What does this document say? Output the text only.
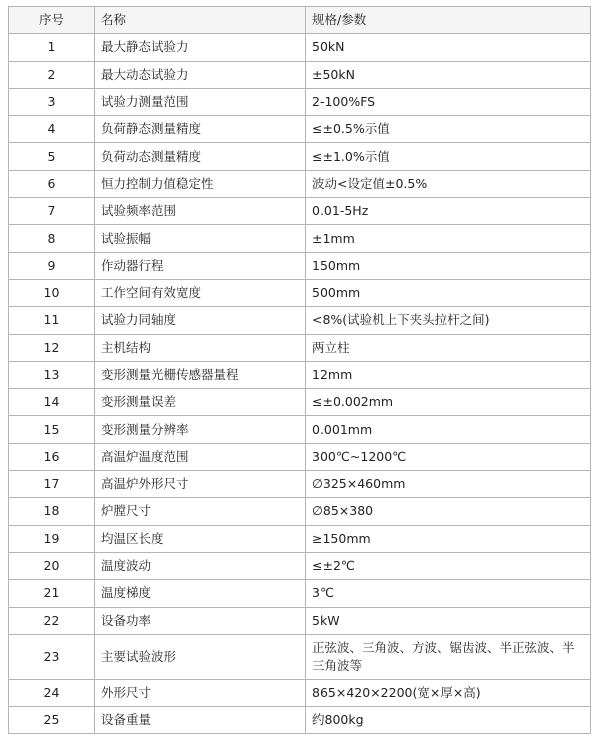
序号	名称	规格/参数
1	最大静态试验力	50kN
2	最大动态试验力	±50kN
3	试验力测量范围	2-100%FS
4	负荷静态测量精度	≤±0.5%示值
5	负荷动态测量精度	≤±1.0%示值
6	恒力控制力值稳定性	波动<设定值±0.5%
7	试验频率范围	0.01-5Hz
8	试验振幅	±1mm
9	作动器行程	150mm
10	工作空间有效宽度	500mm
11	试验力同轴度	<8%(试验机上下夹头拉杆之间)
12	主机结构	两立柱
13	变形测量光栅传感器量程	12mm
14	变形测量误差	≤±0.002mm
15	变形测量分辨率	0.001mm
16	高温炉温度范围	300℃~1200℃
17	高温炉外形尺寸	∅325×460mm
18	炉膛尺寸	∅85×380
19	均温区长度	≥150mm
20	温度波动	≤±2℃
21	温度梯度	3℃
22	设备功率	5kW
23	主要试验波形	正弦波、三角波、方波、锯齿波、半正弦波、半三角波等
24	外形尺寸	865×420×2200(宽×厚×高)
25	设备重量	约800kg
